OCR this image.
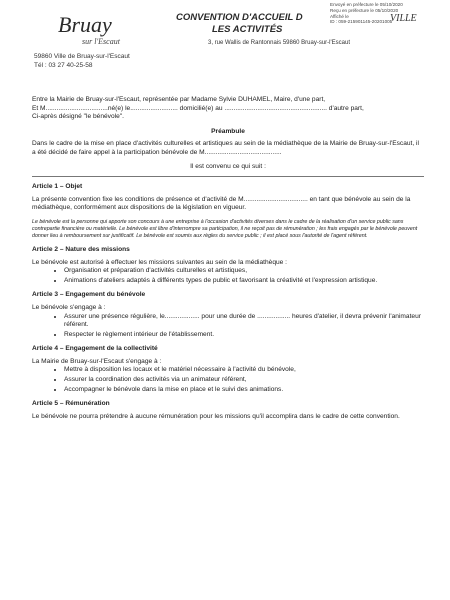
Bruay
sur l'Escaut
59860 Ville de Bruay-sur-l'Escaut
Tél : 03 27 40-25-58
CONVENTION D'ACCUEIL D
LES ACTIVITÉS
3, rue Wallis de Rantonnais 59860 Bruay-sur-l'Escaut
Envoyé en préfecture le 05/10/2020
Reçu en préfecture le 05/10/2020
Affiché le
ID : 059-215901145-20201005
VILLE

Entre la Mairie de Bruay-sur-l'Escaut, représentée par Madame Sylvie DUHAMEL, Maire, d'une part,

Et M..................................né(e) le.......................... domicilié(e) au ........................................................ d'autre part,

Ci-après désigné "le bénévole".

Préambule

Dans le cadre de la mise en place d'activités culturelles et artistiques au sein de la médiathèque de la Mairie de Bruay-sur-l'Escaut, il a été décidé de faire appel à la participation bénévole de M..........................................

Il est convenu ce qui suit :

Article 1 – Objet

La présente convention fixe les conditions de présence et d'activité de M................................... en tant que bénévole au sein de la médiathèque, conformément aux dispositions de la législation en vigueur.

Le bénévole est la personne qui apporte son concours à une entreprise à l'occasion d'activités diverses dans le cadre de la réalisation d'un service public sans contrepartie financière ou matérielle. Le bénévole est libre d'interrompre sa participation, il ne reçoit pas de rémunération ; les frais engagés par le bénévole peuvent donner lieu à remboursement sur justificatif. Le bénévole est soumis aux règles du service public ; il est placé sous l'autorité de l'agent référent.

Article 2 – Nature des missions

Le bénévole est autorisé à effectuer les missions suivantes au sein de la médiathèque :

• Organisation et préparation d'activités culturelles et artistiques,
• Animations d'ateliers adaptés à différents types de public et favorisant la créativité et l'expression artistique.

Article 3 – Engagement du bénévole

Le bénévole s'engage à :

• Assurer une présence régulière, le................... pour une durée de .................. heures d'atelier, il devra prévenir l'animateur référent.
• Respecter le règlement intérieur de l'établissement.

Article 4 – Engagement de la collectivité

La Mairie de Bruay-sur-l'Escaut s'engage à :

• Mettre à disposition les locaux et le matériel nécessaire à l'activité du bénévole,
• Assurer la coordination des activités via un animateur référent,
• Accompagner le bénévole dans la mise en place et le suivi des animations.

Article 5 – Rémunération

Le bénévole ne pourra prétendre à aucune rémunération pour les missions qu'il accomplira dans le cadre de cette convention.
